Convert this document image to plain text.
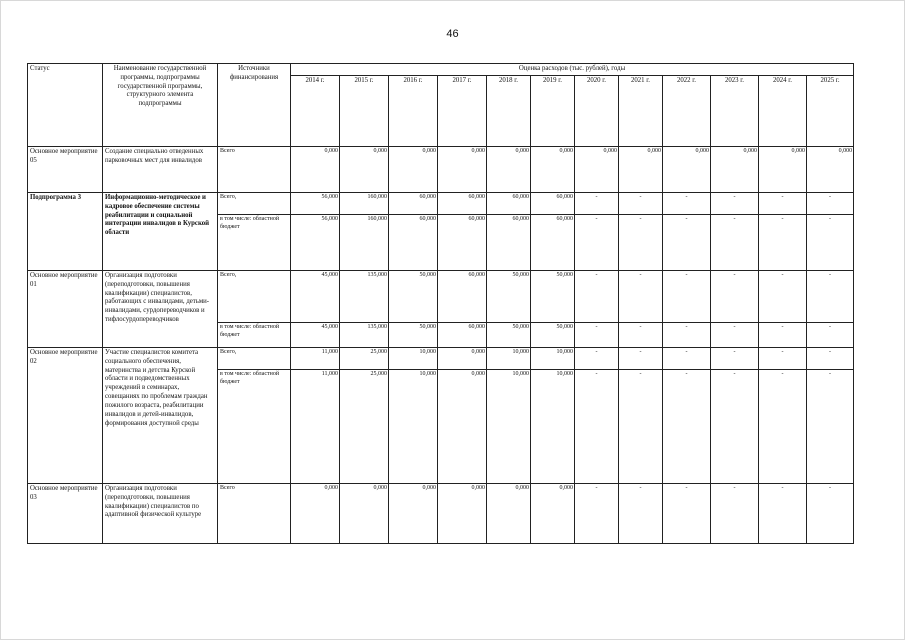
46
Статус	Наименование государственной программы, подпрограммы государственной программы, структурного элемента подпрограммы	Источники финансирования	Оценка расходов (тыс. рублей), годы											
			2014 г.	2015 г.	2016 г.	2017 г.	2018 г.	2019 г.	2020 г.	2021 г.	2022 г.	2023 г.	2024 г.	2025 г.
Основное мероприятие 05	Создание специально отведенных парковочных мест для инвалидов	Всего	0,000	0,000	0,000	0,000	0,000	0,000	0,000	0,000	0,000	0,000	0,000	0,000
Подпрограмма 3	Информационно-методическое и кадровое обеспечение системы реабилитации и социальной интеграции инвалидов в Курской области	Всего,	56,000	160,000	60,000	60,000	60,000	60,000	-	-	-	-	-	-
		в том числе: областной бюджет	56,000	160,000	60,000	60,000	60,000	60,000	-	-	-	-	-	-
Основное мероприятие 01	Организация подготовки (переподготовки, повышения квалификации) специалистов, работающих с инвалидами, детьми-инвалидами, сурдопереводчиков и тифлосурдопереводчиков	Всего,	45,000	135,000	50,000	60,000	50,000	50,000	-	-	-	-	-	-
		в том числе: областной бюджет	45,000	135,000	50,000	60,000	50,000	50,000	-	-	-	-	-	-
Основное мероприятие 02	Участие специалистов комитета социального обеспечения, материнства и детства Курской области и подведомственных учреждений в семинарах, совещаниях по проблемам граждан пожилого возраста, реабилитации инвалидов и детей-инвалидов, формирования доступной среды	Всего,	11,000	25,000	10,000	0,000	10,000	10,000	-	-	-	-	-	-
		в том числе: областной бюджет	11,000	25,000	10,000	0,000	10,000	10,000	-	-	-	-	-	-
Основное мероприятие 03	Организация подготовки (переподготовки, повышения квалификации) специалистов по адаптивной физической культуре	Всего	0,000	0,000	0,000	0,000	0,000	0,000	-	-	-	-	-	-
